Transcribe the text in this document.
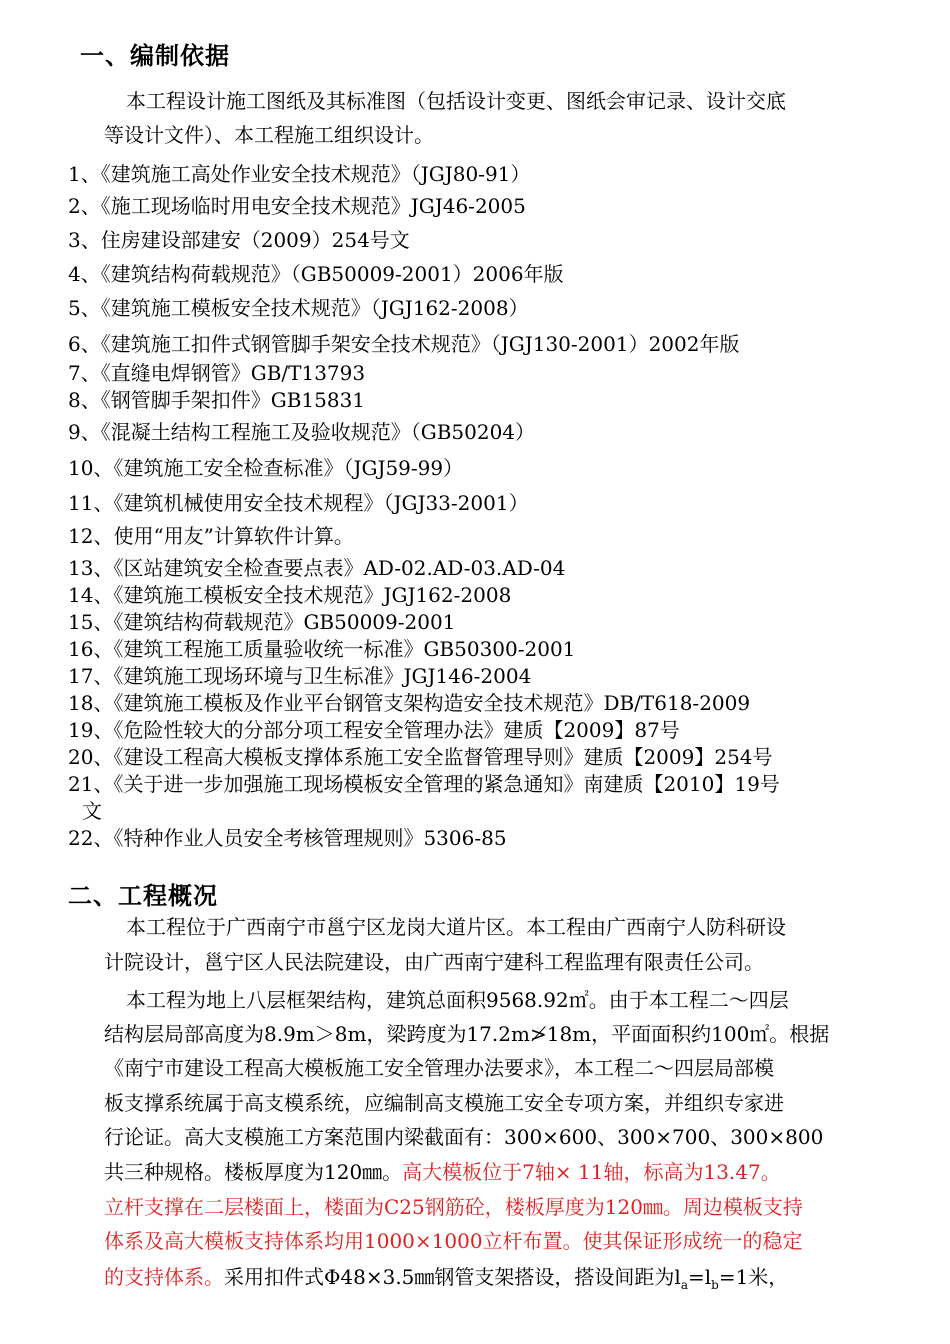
一、编制依据
本工程设计施工图纸及其标准图（包括设计变更、图纸会审记录、设计交底
等设计文件）、本工程施工组织设计。
1、《建筑施工高处作业安全技术规范》（JGJ80-91）
2、《施工现场临时用电安全技术规范》JGJ46-2005
3、住房建设部建安（2009）254号文
4、《建筑结构荷载规范》（GB50009-2001）2006年版
5、《建筑施工模板安全技术规范》（JGJ162-2008）
6、《建筑施工扣件式钢管脚手架安全技术规范》（JGJ130-2001）2002年版
7、《直缝电焊钢管》GB/T13793
8、《钢管脚手架扣件》GB15831
9、《混凝土结构工程施工及验收规范》（GB50204）
10、《建筑施工安全检查标准》（JGJ59-99）
11、《建筑机械使用安全技术规程》（JGJ33-2001）
12、使用“用友”计算软件计算。
13、《区站建筑安全检查要点表》AD-02.AD-03.AD-04
14、《建筑施工模板安全技术规范》JGJ162-2008
15、《建筑结构荷载规范》GB50009-2001
16、《建筑工程施工质量验收统一标准》GB50300-2001
17、《建筑施工现场环境与卫生标准》JGJ146-2004
18、《建筑施工模板及作业平台钢管支架构造安全技术规范》DB/T618-2009
19、《危险性较大的分部分项工程安全管理办法》建质【2009】87号
20、《建设工程高大模板支撑体系施工安全监督管理导则》建质【2009】254号
21、《关于进一步加强施工现场模板安全管理的紧急通知》南建质【2010】19号
文
22、《特种作业人员安全考核管理规则》5306-85
二、工程概况
本工程位于广西南宁市邕宁区龙岗大道片区。本工程由广西南宁人防科研设
计院设计，邕宁区人民法院建设，由广西南宁建科工程监理有限责任公司。
本工程为地上八层框架结构，建筑总面积9568.92㎡。由于本工程二～四层
结构层局部高度为8.9m＞8m，梁跨度为17.2m≯18m，平面面积约100㎡。根据
《南宁市建设工程高大模板施工安全管理办法要求》，本工程二～四层局部模
板支撑系统属于高支模系统，应编制高支模施工安全专项方案，并组织专家进
行论证。高大支模施工方案范围内梁截面有：300×600、300×700、300×800
共三种规格。楼板厚度为120㎜。高大模板位于7轴× 11轴，标高为13.47。
立杆支撑在二层楼面上，楼面为C25钢筋砼，楼板厚度为120㎜。周边模板支持
体系及高大模板支持体系均用1000×1000立杆布置。使其保证形成统一的稳定
的支持体系。采用扣件式Φ48×3.5㎜钢管支架搭设，搭设间距为$l_a=l_b=1$米，
